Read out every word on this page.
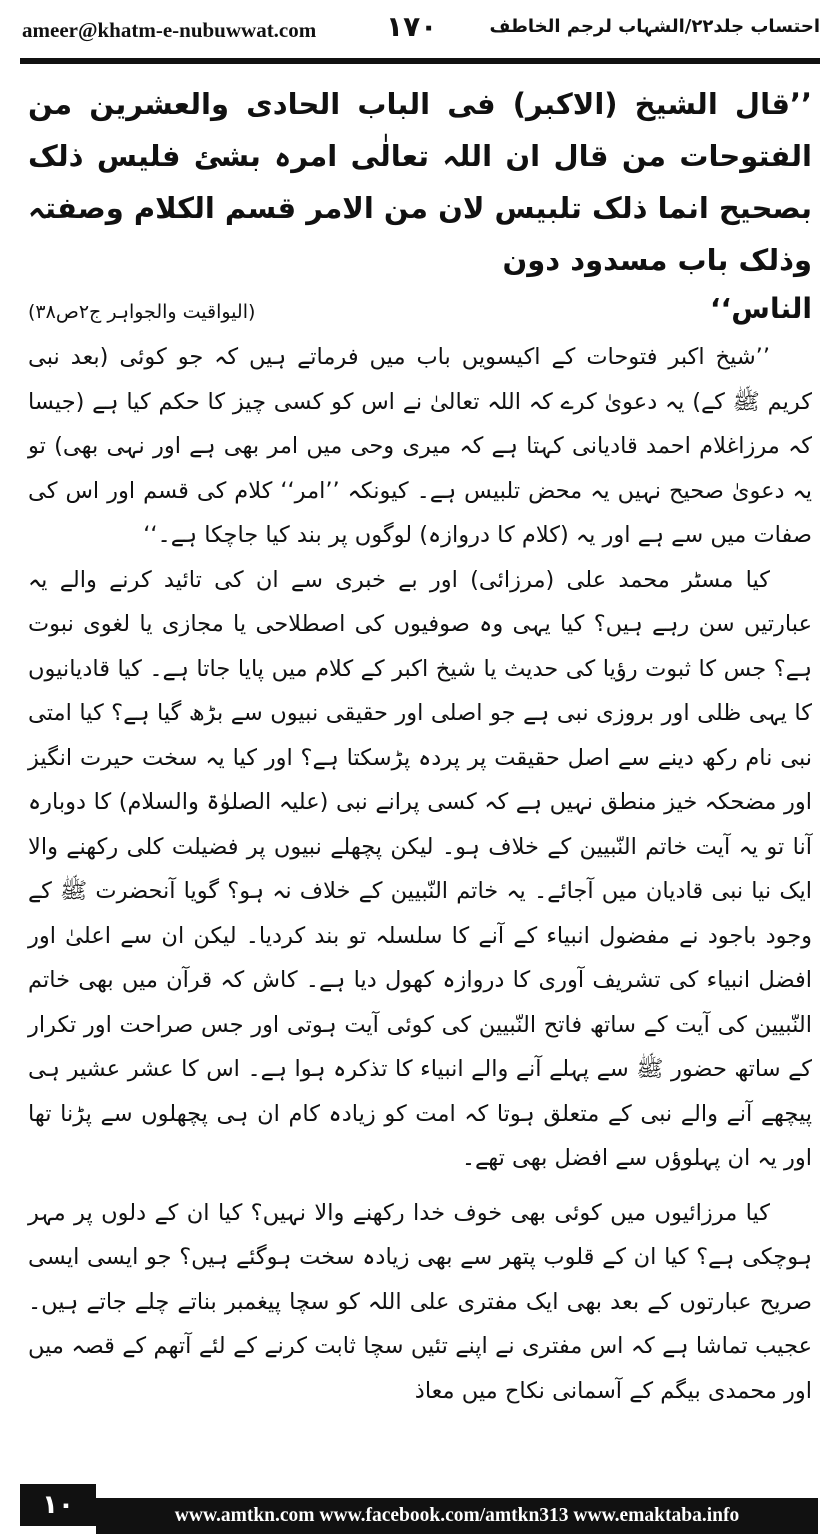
ameer@khatm-e-nubuwwat.com ١٧٠	احتساب جلد۲۲/الشہاب لرجم الخاطف
’’قال الشیخ (الاکبر) فی الباب الحادی والعشرین من الفتوحات من قال ان اللہ تعالٰی امرہ بشئ فلیس ذلک بصحیح انما ذلک تلبیس لان من الامر قسم الکلام وصفتہ وذلک باب مسدود دون
الناس‘‘
(الیواقیت والجواہر ج۲ص۳۸)

’’شیخ اکبر فتوحات کے اکیسویں باب میں فرماتے ہیں کہ جو کوئی (بعد نبی کریم ﷺ کے) یہ دعویٰ کرے کہ اللہ تعالیٰ نے اس کو کسی چیز کا حکم کیا ہے (جیسا کہ مرزاغلام احمد قادیانی کہتا ہے کہ میری وحی میں امر بھی ہے اور نہی بھی) تو یہ دعویٰ صحیح نہیں یہ محض تلبیس ہے۔ کیونکہ ’’امر‘‘ کلام کی قسم اور اس کی صفات میں سے ہے اور یہ (کلام کا دروازہ) لوگوں پر بند کیا جاچکا ہے۔‘‘

کیا مسٹر محمد علی (مرزائی) اور بے خبری سے ان کی تائید کرنے والے یہ عبارتیں سن رہے ہیں؟ کیا یہی وہ صوفیوں کی اصطلاحی یا مجازی یا لغوی نبوت ہے؟ جس کا ثبوت رؤیا کی حدیث یا شیخ اکبر کے کلام میں پایا جاتا ہے۔ کیا قادیانیوں کا یہی ظلی اور بروزی نبی ہے جو اصلی اور حقیقی نبیوں سے بڑھ گیا ہے؟ کیا امتی نبی نام رکھ دینے سے اصل حقیقت پر پردہ پڑسکتا ہے؟ اور کیا یہ سخت حیرت انگیز اور مضحکہ خیز منطق نہیں ہے کہ کسی پرانے نبی (علیہ الصلوٰۃ والسلام) کا دوبارہ آنا تو یہ آیت خاتم النّبیین کے خلاف ہو۔ لیکن پچھلے نبیوں پر فضیلت کلی رکھنے والا ایک نیا نبی قادیان میں آجائے۔ یہ خاتم النّبیین کے خلاف نہ ہو؟ گویا آنحضرت ﷺ کے وجود باجود نے مفضول انبیاء کے آنے کا سلسلہ تو بند کردیا۔ لیکن ان سے اعلیٰ اور افضل انبیاء کی تشریف آوری کا دروازہ کھول دیا ہے۔ کاش کہ قرآن میں بھی خاتم النّبیین کی آیت کے ساتھ فاتح النّبیین کی کوئی آیت ہوتی اور جس صراحت اور تکرار کے ساتھ حضور ﷺ سے پہلے آنے والے انبیاء کا تذکرہ ہوا ہے۔ اس کا عشر عشیر ہی پیچھے آنے والے نبی کے متعلق ہوتا کہ امت کو زیادہ کام ان ہی پچھلوں سے پڑنا تھا اور یہ ان پہلوؤں سے افضل بھی تھے۔

کیا مرزائیوں میں کوئی بھی خوف خدا رکھنے والا نہیں؟ کیا ان کے دلوں پر مہر ہوچکی ہے؟ کیا ان کے قلوب پتھر سے بھی زیادہ سخت ہوگئے ہیں؟ جو ایسی ایسی صریح عبارتوں کے بعد بھی ایک مفتری علی اللہ کو سچا پیغمبر بناتے چلے جاتے ہیں۔ عجیب تماشا ہے کہ اس مفتری نے اپنے تئیں سچا ثابت کرنے کے لئے آتھم کے قصہ میں اور محمدی بیگم کے آسمانی نکاح میں معاذ

١٠	www.amtkn.com www.facebook.com/amtkn313 www.emaktaba.info
